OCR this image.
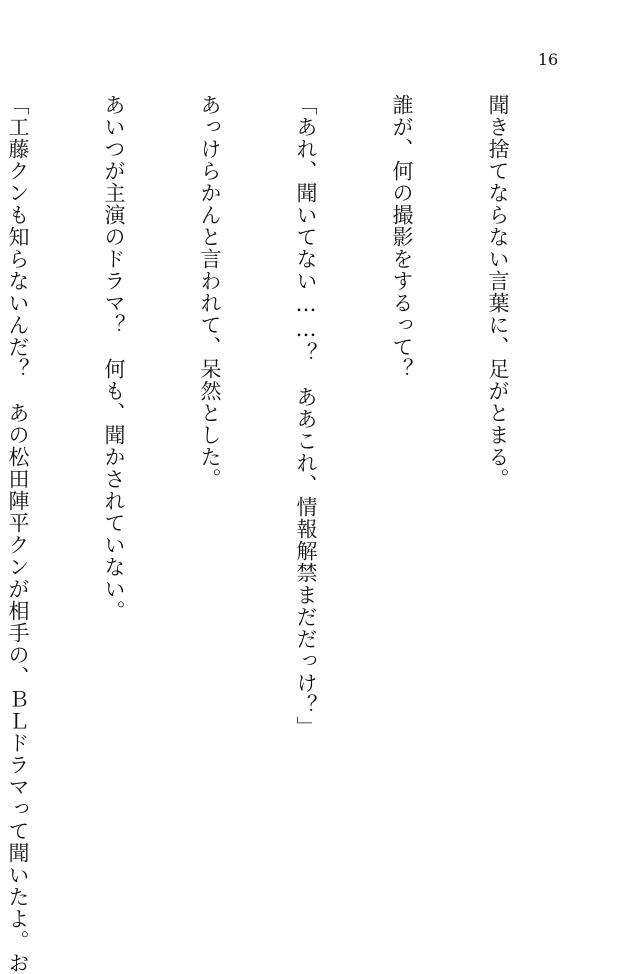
16

聞き捨てならない言葉に、足がとまる。

誰が、何の撮影をするって？

「あれ、聞いてない……？　ああこれ、情報解禁まだだっけ？」

あっけらかんと言われて、呆然とした。

あいつが主演のドラマ？　何も、聞かされていない。

「工藤クンも知らないんだ？　あの松田陣平クンが相手の、ＢＬドラマって聞いたよ。お
